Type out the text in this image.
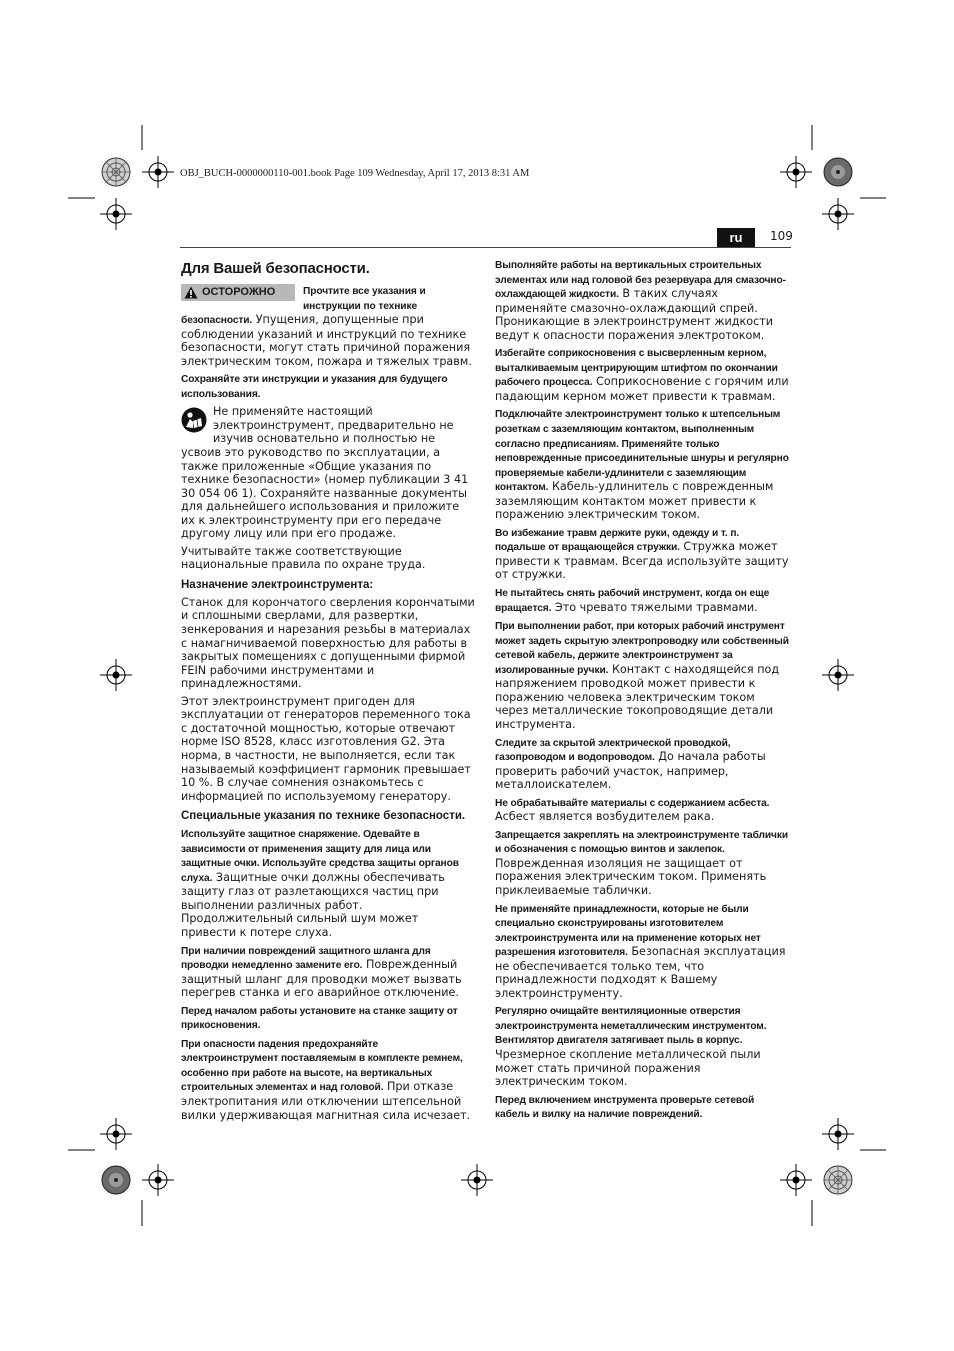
OBJ_BUCH-0000000110-001.book Page 109 Wednesday, April 17, 2013 8:31 AM
ru	109
Для Вашей безопасности.
ОСТОРОЖНО	Прочтите все указания и инструкции по технике безопасности. Упущения, допущенные при соблюдении указаний и инструкций по технике безопасности, могут стать причиной поражения электрическим током, пожара и тяжелых травм.

Сохраняйте эти инструкции и указания для будущего использования.

Не применяйте настоящий электроинструмент, предварительно не изучив основательно и полностью не усвоив это руководство по эксплуатации, а также приложенные «Общие указания по технике безопасности» (номер публикации 3 41 30 054 06 1). Сохраняйте названные документы для дальнейшего использования и приложите их к электроинструменту при его передаче другому лицу или при его продаже.

Учитывайте также соответствующие национальные правила по охране труда.

Назначение электроинструмента:

Станок для корончатого сверления корончатыми и сплошными сверлами, для развертки, зенкерования и нарезания резьбы в материалах с намагничиваемой поверхностью для работы в закрытых помещениях с допущенными фирмой FEIN рабочими инструментами и принадлежностями.

Этот электроинструмент пригоден для эксплуатации от генераторов переменного тока с достаточной мощностью, которые отвечают норме ISO 8528, класс изготовления G2. Эта норма, в частности, не выполняется, если так называемый коэффициент гармоник превышает 10 %. В случае сомнения ознакомьтесь с информацией по используемому генератору.

Специальные указания по технике безопасности.

Используйте защитное снаряжение. Одевайте в зависимости от применения защиту для лица или защитные очки. Используйте средства защиты органов слуха. Защитные очки должны обеспечивать защиту глаз от разлетающихся частиц при выполнении различных работ. Продолжительный сильный шум может привести к потере слуха.

При наличии повреждений защитного шланга для проводки немедленно замените его. Поврежденный защитный шланг для проводки может вызвать перегрев станка и его аварийное отключение.

Перед началом работы установите на станке защиту от прикосновения.

При опасности падения предохраняйте электроинструмент поставляемым в комплекте ремнем, особенно при работе на высоте, на вертикальных строительных элементах и над головой. При отказе электропитания или отключении штепсельной вилки удерживающая магнитная сила исчезает.

Выполняйте работы на вертикальных строительных элементах или над головой без резервуара для смазочно-охлаждающей жидкости. В таких случаях применяйте смазочно-охлаждающий спрей. Проникающие в электроинструмент жидкости ведут к опасности поражения электротоком.

Избегайте соприкосновения с высверленным керном, выталкиваемым центрирующим штифтом по окончании рабочего процесса. Соприкосновение с горячим или падающим керном может привести к травмам.

Подключайте электроинструмент только к штепсельным розеткам с заземляющим контактом, выполненным согласно предписаниям. Применяйте только неповрежденные присоединительные шнуры и регулярно проверяемые кабели-удлинители с заземляющим контактом. Кабель-удлинитель с поврежденным заземляющим контактом может привести к поражению электрическим током.

Во избежание травм держите руки, одежду и т. п. подальше от вращающейся стружки. Стружка может привести к травмам. Всегда используйте защиту от стружки.

Не пытайтесь снять рабочий инструмент, когда он еще вращается. Это чревато тяжелыми травмами.

При выполнении работ, при которых рабочий инструмент может задеть скрытую электропроводку или собственный сетевой кабель, держите электроинструмент за изолированные ручки. Контакт с находящейся под напряжением проводкой может привести к поражению человека электрическим током через металлические токопроводящие детали инструмента.

Следите за скрытой электрической проводкой, газопроводом и водопроводом. До начала работы проверить рабочий участок, например, металлоискателем.

Не обрабатывайте материалы с содержанием асбеста. Асбест является возбудителем рака.

Запрещается закреплять на электроинструменте таблички и обозначения с помощью винтов и заклепок. Поврежденная изоляция не защищает от поражения электрическим током. Применять приклеиваемые таблички.

Не применяйте принадлежности, которые не были специально сконструированы изготовителем электроинструмента или на применение которых нет разрешения изготовителя. Безопасная эксплуатация не обеспечивается только тем, что принадлежности подходят к Вашему электроинструменту.

Регулярно очищайте вентиляционные отверстия электроинструмента неметаллическим инструментом. Вентилятор двигателя затягивает пыль в корпус. Чрезмерное скопление металлической пыли может стать причиной поражения электрическим током.

Перед включением инструмента проверьте сетевой кабель и вилку на наличие повреждений.
